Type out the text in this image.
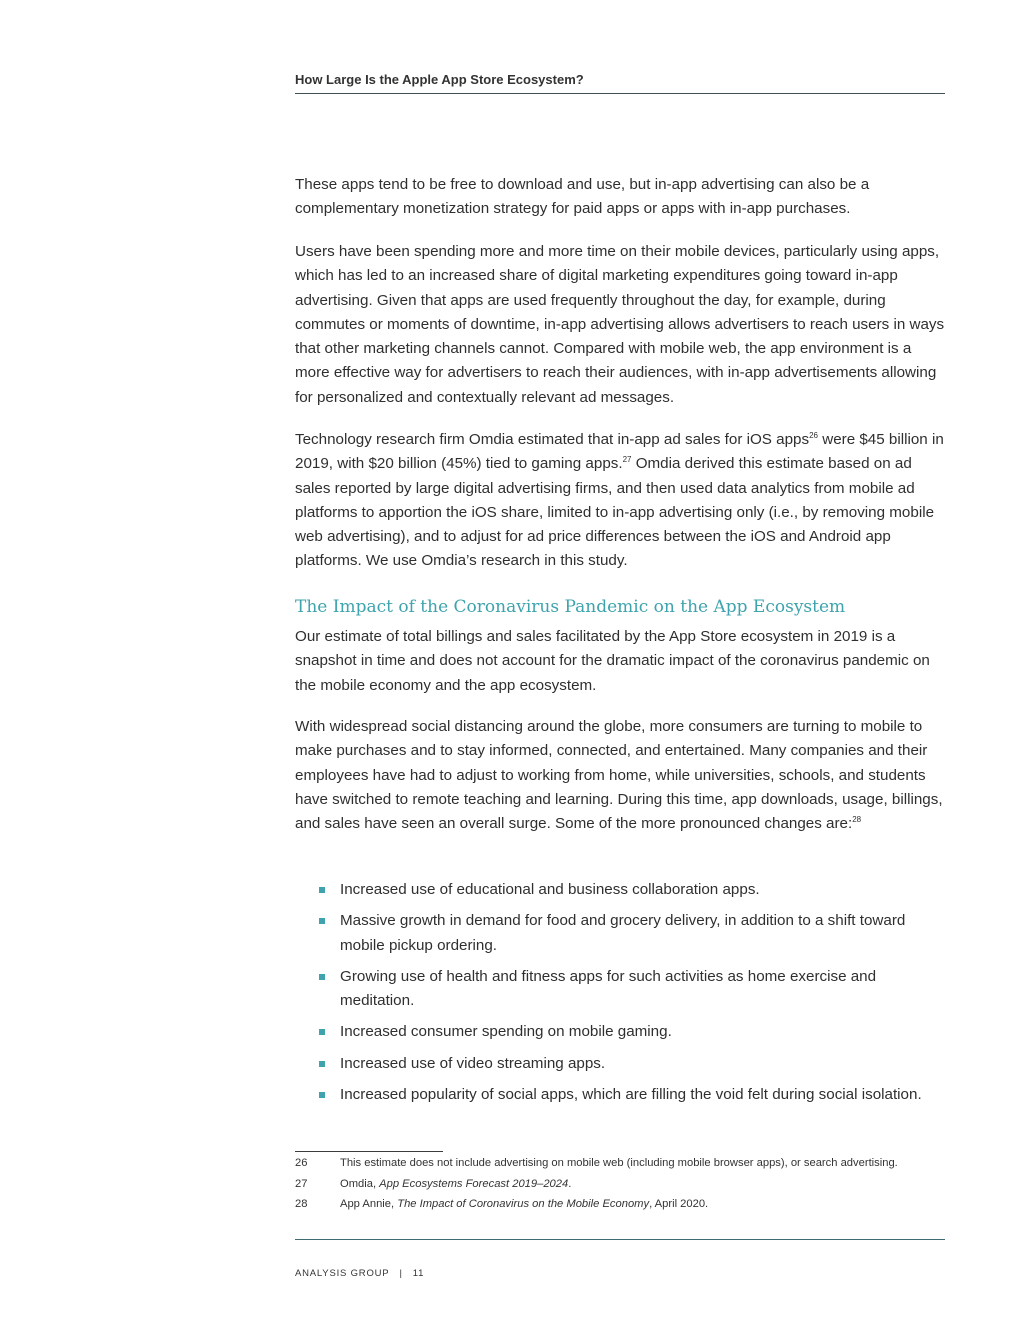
How Large Is the Apple App Store Ecosystem?

These apps tend to be free to download and use, but in-app advertising can also be a complementary monetization strategy for paid apps or apps with in-app purchases.

Users have been spending more and more time on their mobile devices, particularly using apps, which has led to an increased share of digital marketing expenditures going toward in-app advertising. Given that apps are used frequently throughout the day, for example, during commutes or moments of downtime, in-app advertising allows advertisers to reach users in ways that other marketing channels cannot. Compared with mobile web, the app environment is a more effective way for advertisers to reach their audiences, with in-app advertisements allowing for personalized and contextually relevant ad messages.

Technology research firm Omdia estimated that in-app ad sales for iOS apps$^{26}$ were $45 billion in 2019, with $20 billion (45%) tied to gaming apps.$^{27}$ Omdia derived this estimate based on ad sales reported by large digital advertising firms, and then used data analytics from mobile ad platforms to apportion the iOS share, limited to in-app advertising only (i.e., by removing mobile web advertising), and to adjust for ad price differences between the iOS and Android app platforms. We use Omdia’s research in this study.

The Impact of the Coronavirus Pandemic on the App Ecosystem

Our estimate of total billings and sales facilitated by the App Store ecosystem in 2019 is a snapshot in time and does not account for the dramatic impact of the coronavirus pandemic on the mobile economy and the app ecosystem.

With widespread social distancing around the globe, more consumers are turning to mobile to make purchases and to stay informed, connected, and entertained. Many companies and their employees have had to adjust to working from home, while universities, schools, and students have switched to remote teaching and learning. During this time, app downloads, usage, billings, and sales have seen an overall surge. Some of the more pronounced changes are:$^{28}$

Increased use of educational and business collaboration apps.
Massive growth in demand for food and grocery delivery, in addition to a shift toward mobile pickup ordering.
Growing use of health and fitness apps for such activities as home exercise and meditation.
Increased consumer spending on mobile gaming.
Increased use of video streaming apps.
Increased popularity of social apps, which are filling the void felt during social isolation.
26	This estimate does not include advertising on mobile web (including mobile browser apps), or search advertising.
27	Omdia, App Ecosystems Forecast 2019–2024.
28	App Annie, The Impact of Coronavirus on the Mobile Economy, April 2020.
ANALYSIS GROUP | 11
